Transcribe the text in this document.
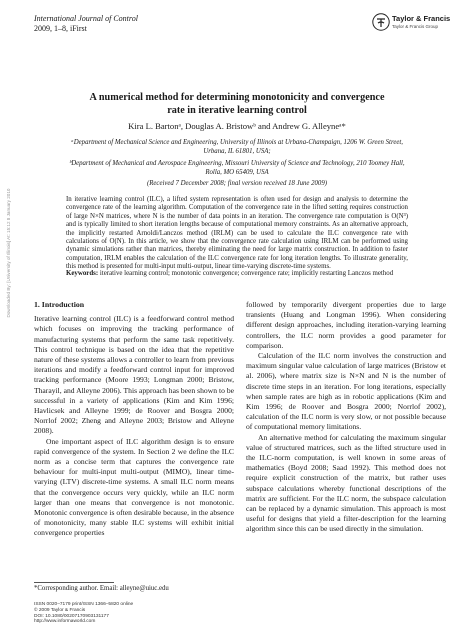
International Journal of Control
2009, 1–8, iFirst
Taylor & Francis
Taylor & Francis Group
Downloaded By: [University of Illinois] At: 15:12 8 January 2010
A numerical method for determining monotonicity and convergence
rate in iterative learning control
Kira L. Bartonᵃ, Douglas A. Bristowᵇ and Andrew G. Alleyneᵃ*
ᵃDepartment of Mechanical Science and Engineering, University of Illinois at Urbana-Champaign, 1206 W. Green Street,
Urbana, IL 61801, USA;
ᵇDepartment of Mechanical and Aerospace Engineering, Missouri University of Science and Technology, 210 Toomey Hall,
Rolla, MO 65409, USA
(Received 7 December 2008; final version received 18 June 2009)

In iterative learning control (ILC), a lifted system representation is often used for design and analysis to determine the convergence rate of the learning algorithm. Computation of the convergence rate in the lifted setting requires construction of large N×N matrices, where N is the number of data points in an iteration. The convergence rate computation is O(N³) and is typically limited to short iteration lengths because of computational memory constraints. As an alternative approach, the implicitly restarted Arnoldi/Lanczos method (IRLM) can be used to calculate the ILC convergence rate with calculations of O(N). In this article, we show that the convergence rate calculation using IRLM can be performed using dynamic simulations rather than matrices, thereby eliminating the need for large matrix construction. In addition to faster computation, IRLM enables the calculation of the ILC convergence rate for long iteration lengths. To illustrate generality, this method is presented for multi-input multi-output, linear time-varying discrete-time systems.

Keywords: iterative learning control; monotonic convergence; convergence rate; implicitly restarting Lanczos method

1. Introduction

Iterative learning control (ILC) is a feedforward control method which focuses on improving the tracking performance of manufacturing systems that perform the same task repetitively. This control technique is based on the idea that the repetitive nature of these systems allows a controller to learn from previous iterations and modify a feedforward control input for improved tracking performance (Moore 1993; Longman 2000; Bristow, Tharayil, and Alleyne 2006). This approach has been shown to be successful in a variety of applications (Kim and Kim 1996; Havlicsek and Alleyne 1999; de Roover and Bosgra 2000; Norrlof 2002; Zheng and Alleyne 2003; Bristow and Alleyne 2008).

One important aspect of ILC algorithm design is to ensure rapid convergence of the system. In Section 2 we define the ILC norm as a concise term that captures the convergence rate behaviour for multi-input multi-output (MIMO), linear time-varying (LTV) discrete-time systems. A small ILC norm means that the convergence occurs very quickly, while an ILC norm larger than one means that convergence is not monotonic. Monotonic convergence is often desirable because, in the absence of monotonicity, many stable ILC systems will exhibit initial convergence properties

followed by temporarily divergent properties due to large transients (Huang and Longman 1996). When considering different design approaches, including iteration-varying learning controllers, the ILC norm provides a good parameter for comparison.

Calculation of the ILC norm involves the construction and maximum singular value calculation of large matrices (Bristow et al. 2006), where matrix size is N×N and N is the number of discrete time steps in an iteration. For long iterations, especially when sample rates are high as in robotic applications (Kim and Kim 1996; de Roover and Bosgra 2000; Norrlof 2002), calculation of the ILC norm is very slow, or not possible because of computational memory limitations.

An alternative method for calculating the maximum singular value of structured matrices, such as the lifted structure used in the ILC-norm computation, is well known in some areas of mathematics (Boyd 2008; Saad 1992). This method does not require explicit construction of the matrix, but rather uses subspace calculations whereby functional descriptions of the matrix are sufficient. For the ILC norm, the subspace calculation can be replaced by a dynamic simulation. This approach is most useful for designs that yield a filter-description for the learning algorithm since this can be used directly in the simulation.

*Corresponding author. Email: alleyne@uiuc.edu
ISSN 0020–7179 print/ISSN 1366–5820 online
© 2009 Taylor & Francis
DOI: 10.1080/00207170903131177
http://www.informaworld.com
